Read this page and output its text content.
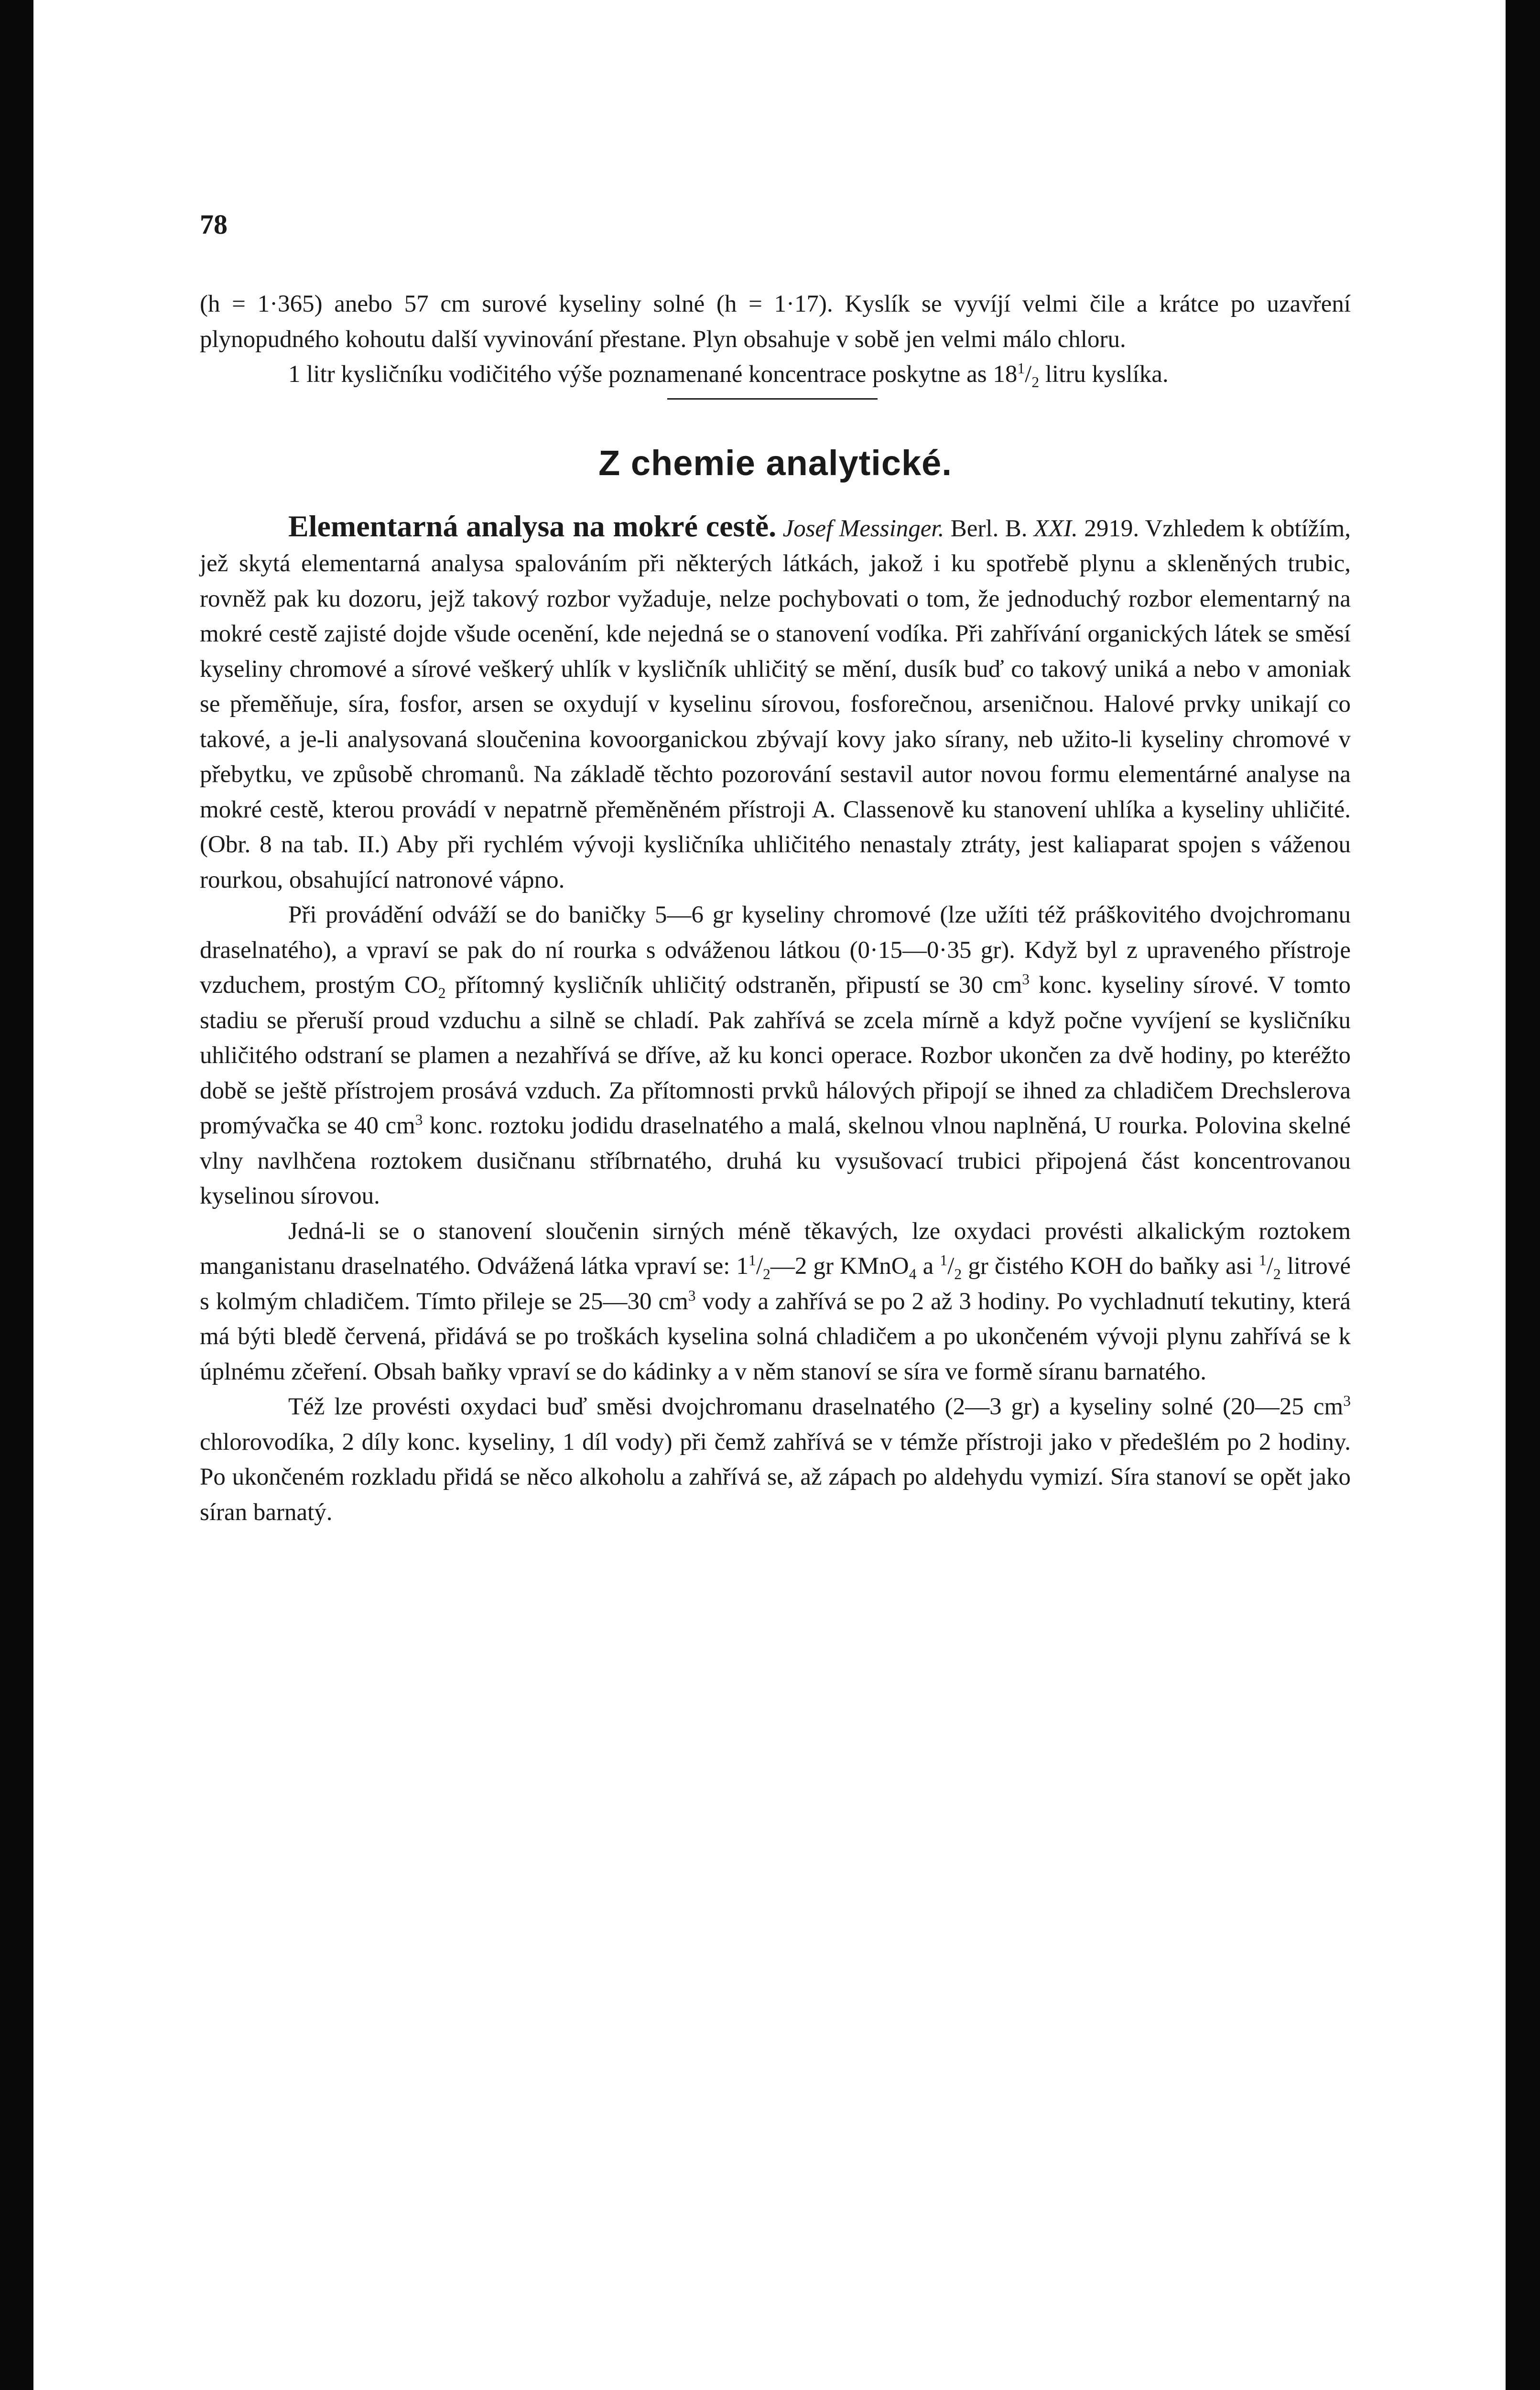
78

(h = 1·365) anebo 57 cm surové kyseliny solné (h = 1·17). Kyslík se vyvíjí velmi čile a krátce po uzavření plynopudného kohoutu další vyvinování přestane. Plyn obsahuje v sobě jen velmi málo chloru.

1 litr kysličníku vodičitého výše poznamenané koncentrace poskytne as $18^1/_2$ litru kyslíka.

Z chemie analytické.

Elementarná analysa na mokré cestě. Josef Messinger. Berl. B. XXI. 2919. Vzhledem k obtížím, jež skytá elementarná analysa spalováním při některých látkách, jakož i ku spotřebě plynu a skleněných trubic, rovněž pak ku dozoru, jejž takový rozbor vyžaduje, nelze pochybovati o tom, že jednoduchý rozbor elementarný na mokré cestě zajisté dojde všude ocenění, kde nejedná se o stanovení vodíka. Při zahřívání organických látek se směsí kyseliny chromové a sírové veškerý uhlík v kysličník uhličitý se mění, dusík buď co takový uniká a nebo v amoniak se přeměňuje, síra, fosfor, arsen se oxydují v kyselinu sírovou, fosforečnou, arseničnou. Halové prvky unikají co takové, a je-li analysovaná sloučenina kovoorganickou zbývají kovy jako sírany, neb užito-li kyseliny chromové v přebytku, ve způsobě chromanů. Na základě těchto pozorování sestavil autor novou formu elementárné analyse na mokré cestě, kterou provádí v nepatrně přeměněném přístroji A. Classenově ku stanovení uhlíka a kyseliny uhličité. (Obr. 8 na tab. II.) Aby při rychlém vývoji kysličníka uhličitého nenastaly ztráty, jest kaliaparat spojen s váženou rourkou, obsahující natronové vápno.

Při provádění odváží se do baničky 5—6 gr kyseliny chromové (lze užíti též práškovitého dvojchromanu draselnatého), a vpraví se pak do ní rourka s odváženou látkou (0·15—0·35 gr). Když byl z upraveného přístroje vzduchem, prostým $CO_2$ přítomný kysličník uhličitý odstraněn, připustí se 30 $cm^3$ konc. kyseliny sírové. V tomto stadiu se přeruší proud vzduchu a silně se chladí. Pak zahřívá se zcela mírně a když počne vyvíjení se kysličníku uhličitého odstraní se plamen a nezahřívá se dříve, až ku konci operace. Rozbor ukončen za dvě hodiny, po kteréžto době se ještě přístrojem prosává vzduch. Za přítomnosti prvků hálových připojí se ihned za chladičem Drechslerova promývačka se 40 $cm^3$ konc. roztoku jodidu draselnatého a malá, skelnou vlnou naplněná, U rourka. Polovina skelné vlny navlhčena roztokem dusičnanu stříbrnatého, druhá ku vysušovací trubici připojená část koncentrovanou kyselinou sírovou.

Jedná-li se o stanovení sloučenin sirných méně těkavých, lze oxydaci provésti alkalickým roztokem manganistanu draselnatého. Odvážená látka vpraví se: $1^1/_2—2$ gr KMnO$_4$ a $^1/_2$ gr čistého KOH do baňky asi $^1/_2$ litrové s kolmým chladičem. Tímto přileje se 25—30 $cm^3$ vody a zahřívá se po 2 až 3 hodiny. Po vychladnutí tekutiny, která má býti bledě červená, přidává se po troškách kyselina solná chladičem a po ukončeném vývoji plynu zahřívá se k úplnému zčeření. Obsah baňky vpraví se do kádinky a v něm stanoví se síra ve formě síranu barnatého.

Též lze provésti oxydaci buď směsi dvojchromanu draselnatého (2—3 gr) a kyseliny solné (20—25 $cm^3$ chlorovodíka, 2 díly konc. kyseliny, 1 díl vody) při čemž zahřívá se v témže přístroji jako v předešlém po 2 hodiny. Po ukončeném rozkladu přidá se něco alkoholu a zahřívá se, až zápach po aldehydu vymizí. Síra stanoví se opět jako síran barnatý.
